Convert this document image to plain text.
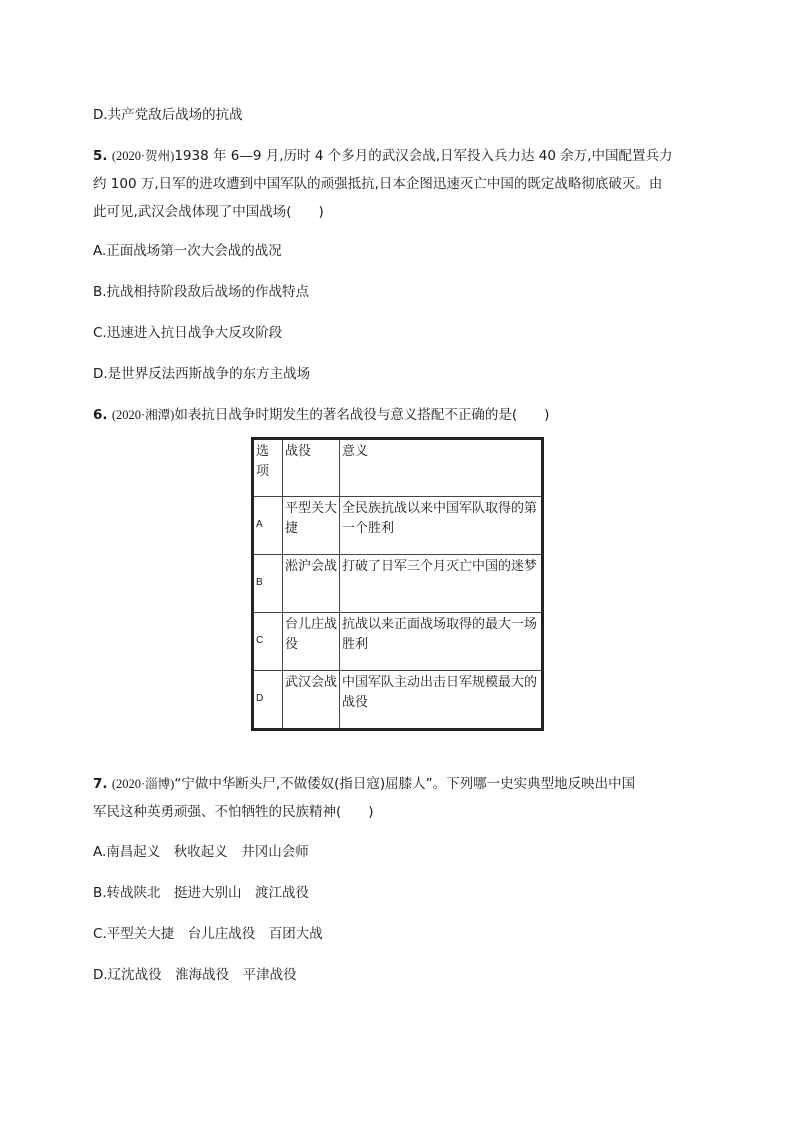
D.共产党敌后战场的抗战
5. (2020·贺州)1938 年 6—9 月,历时 4 个多月的武汉会战,日军投入兵力达 40 余万,中国配置兵力
约 100 万,日军的进攻遭到中国军队的顽强抵抗,日本企图迅速灭亡中国的既定战略彻底破灭。由
此可见,武汉会战体现了中国战场(　　)
A.正面战场第一次大会战的战况
B.抗战相持阶段敌后战场的作战特点
C.迅速进入抗日战争大反攻阶段
D.是世界反法西斯战争的东方主战场
6. (2020·湘潭)如表抗日战争时期发生的著名战役与意义搭配不正确的是(　　)
选项	战役	意义

A	平型关大捷	全民族抗战以来中国军队取得的第一个胜利

B	淞沪会战	打破了日军三个月灭亡中国的迷梦

C	台儿庄战役	抗战以来正面战场取得的最大一场胜利

D	武汉会战	中国军队主动出击日军规模最大的战役
7. (2020·淄博)“宁做中华断头尸,不做倭奴(指日寇)屈膝人”。下列哪一史实典型地反映出中国
军民这种英勇顽强、不怕牺牲的民族精神(　　)
A.南昌起义　秋收起义　井冈山会师
B.转战陕北　挺进大别山　渡江战役
C.平型关大捷　台儿庄战役　百团大战
D.辽沈战役　淮海战役　平津战役
